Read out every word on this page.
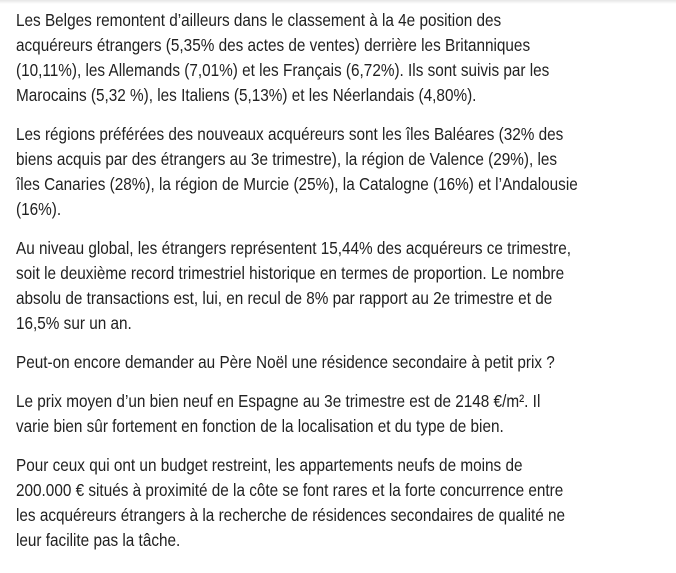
Les Belges remontent d’ailleurs dans le classement à la 4e position des
acquéreurs étrangers (5,35% des actes de ventes) derrière les Britanniques
(10,11%), les Allemands (7,01%) et les Français (6,72%). Ils sont suivis par les
Marocains (5,32 %), les Italiens (5,13%) et les Néerlandais (4,80%).

Les régions préférées des nouveaux acquéreurs sont les îles Baléares (32% des
biens acquis par des étrangers au 3e trimestre), la région de Valence (29%), les
îles Canaries (28%), la région de Murcie (25%), la Catalogne (16%) et l’Andalousie
(16%).

Au niveau global, les étrangers représentent 15,44% des acquéreurs ce trimestre,
soit le deuxième record trimestriel historique en termes de proportion. Le nombre
absolu de transactions est, lui, en recul de 8% par rapport au 2e trimestre et de
16,5% sur un an.

Peut-on encore demander au Père Noël une résidence secondaire à petit prix ?

Le prix moyen d’un bien neuf en Espagne au 3e trimestre est de 2148 €/m². Il
varie bien sûr fortement en fonction de la localisation et du type de bien.

Pour ceux qui ont un budget restreint, les appartements neufs de moins de
200.000 € situés à proximité de la côte se font rares et la forte concurrence entre
les acquéreurs étrangers à la recherche de résidences secondaires de qualité ne
leur facilite pas la tâche.
